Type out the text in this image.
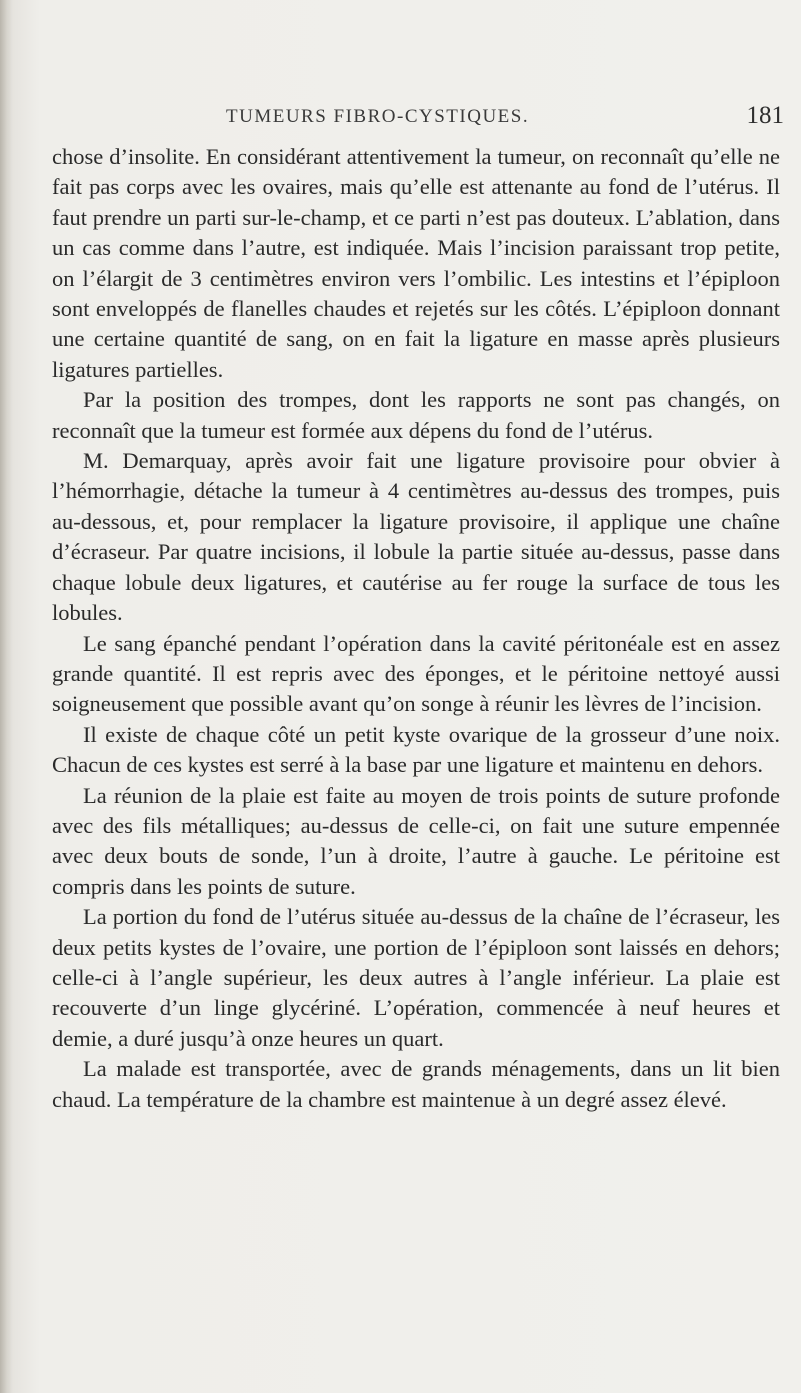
TUMEURS FIBRO-CYSTIQUES.	181

chose d’insolite. En considérant attentivement la tumeur, on reconnaît qu’elle ne fait pas corps avec les ovaires, mais qu’elle est attenante au fond de l’utérus. Il faut prendre un parti sur-le-champ, et ce parti n’est pas douteux. L’ablation, dans un cas comme dans l’autre, est indiquée. Mais l’incision paraissant trop petite, on l’élargit de 3 centimètres environ vers l’ombilic. Les intestins et l’épiploon sont enveloppés de flanelles chaudes et rejetés sur les côtés. L’épiploon donnant une certaine quantité de sang, on en fait la ligature en masse après plusieurs ligatures partielles.

Par la position des trompes, dont les rapports ne sont pas changés, on reconnaît que la tumeur est formée aux dépens du fond de l’utérus.

M. Demarquay, après avoir fait une ligature provisoire pour obvier à l’hémorrhagie, détache la tumeur à 4 centimètres au-dessus des trompes, puis au-dessous, et, pour remplacer la ligature provisoire, il applique une chaîne d’écraseur. Par quatre incisions, il lobule la partie située au-dessus, passe dans chaque lobule deux ligatures, et cautérise au fer rouge la surface de tous les lobules.

Le sang épanché pendant l’opération dans la cavité péritonéale est en assez grande quantité. Il est repris avec des éponges, et le péritoine nettoyé aussi soigneusement que possible avant qu’on songe à réunir les lèvres de l’incision.

Il existe de chaque côté un petit kyste ovarique de la grosseur d’une noix. Chacun de ces kystes est serré à la base par une ligature et maintenu en dehors.

La réunion de la plaie est faite au moyen de trois points de suture profonde avec des fils métalliques; au-dessus de celle-ci, on fait une suture empennée avec deux bouts de sonde, l’un à droite, l’autre à gauche. Le péritoine est compris dans les points de suture.

La portion du fond de l’utérus située au-dessus de la chaîne de l’écraseur, les deux petits kystes de l’ovaire, une portion de l’épiploon sont laissés en dehors; celle-ci à l’angle supérieur, les deux autres à l’angle inférieur. La plaie est recouverte d’un linge glycériné. L’opération, commencée à neuf heures et demie, a duré jusqu’à onze heures un quart.

La malade est transportée, avec de grands ménagements, dans un lit bien chaud. La température de la chambre est maintenue à un degré assez élevé.
